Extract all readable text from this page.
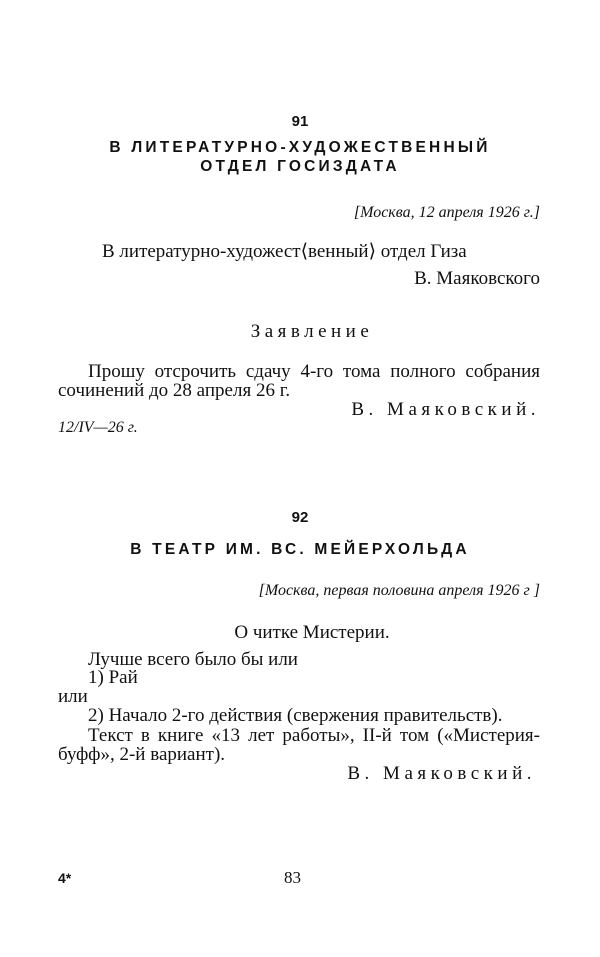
91
В ЛИТЕРАТУРНО-ХУДОЖЕСТВЕННЫЙ
ОТДЕЛ ГОСИЗДАТА
[Москва, 12 апреля 1926 г.]
В литературно-художест⟨венный⟩ отдел Гиза
В. Маяковского
Заявление
Прошу отсрочить сдачу 4-го тома полного собрания
сочинений до 28 апреля 26 г.
В. Маяковский.
12/IV—26 г.
92
В ТЕАТР ИМ. ВС. МЕЙЕРХОЛЬДА
[Москва, первая половина апреля 1926 г ]
О читке Мистерии.
Лучше всего было бы или
1) Рай
или
2) Начало 2-го действия (свержения правительств).
Текст в книге «13 лет работы», II-й том («Мистерия-
буфф», 2-й вариант).
В. Маяковский.
4*	83
